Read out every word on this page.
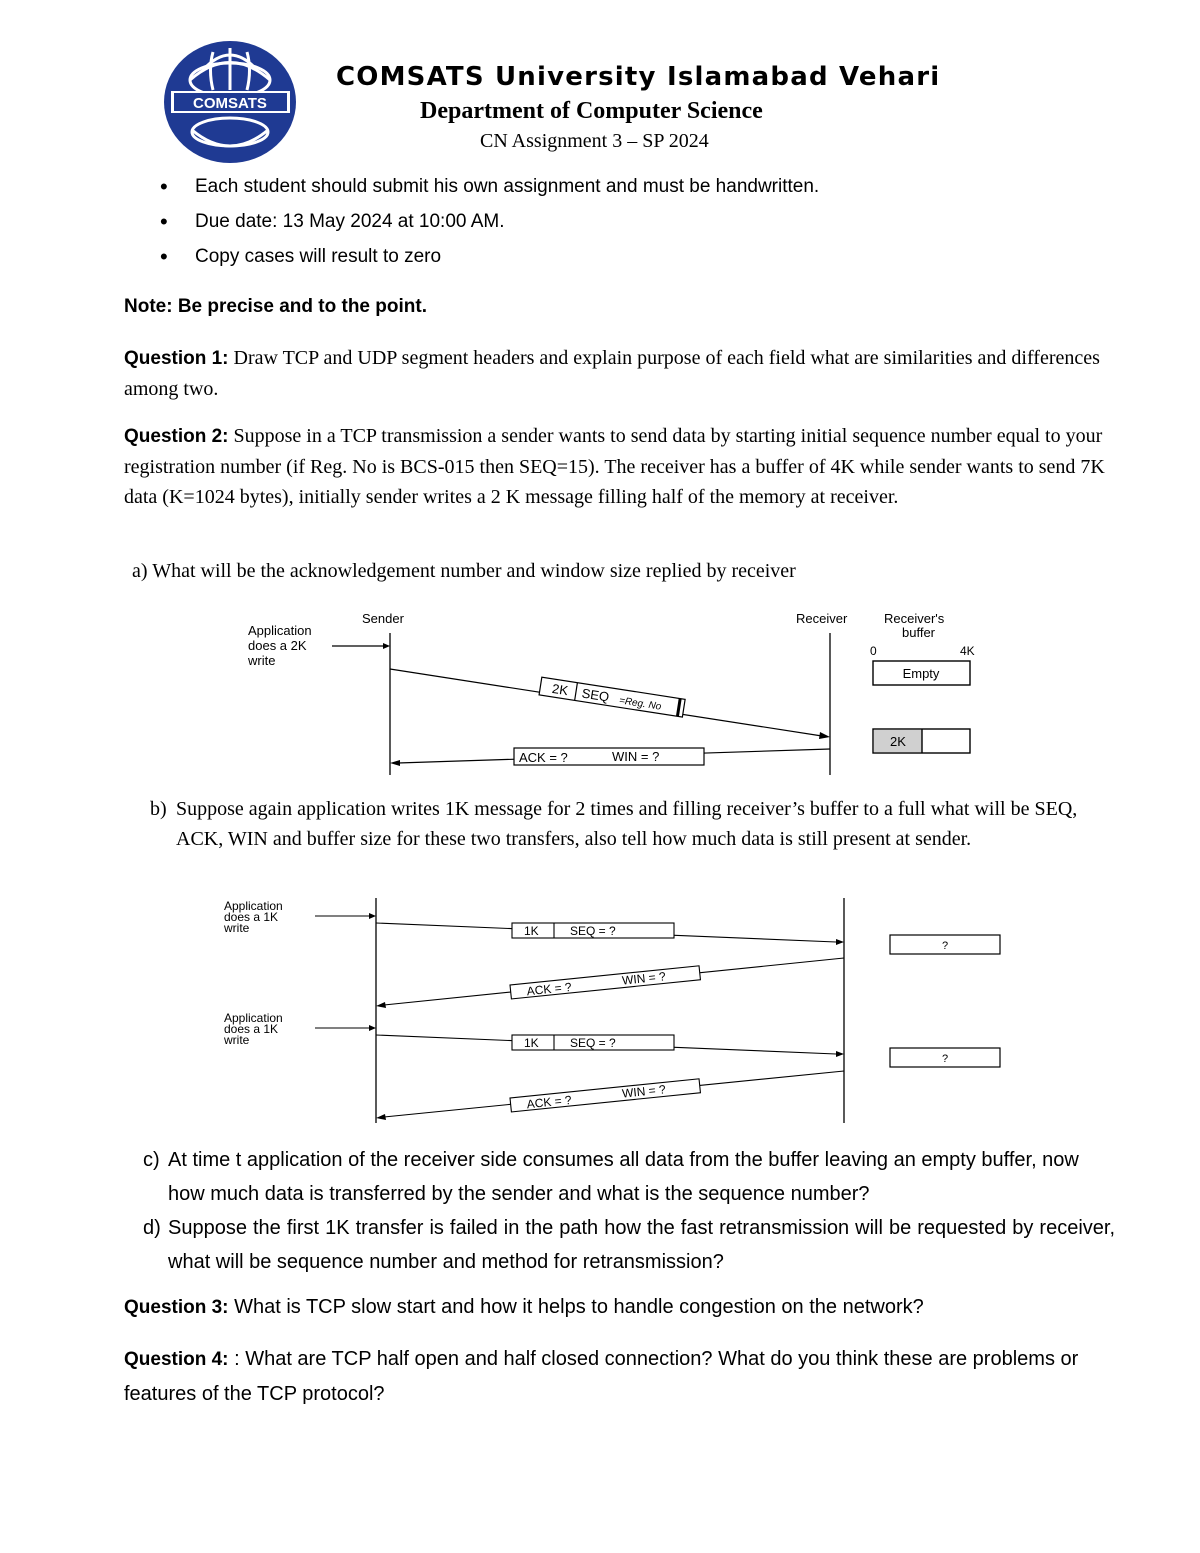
COMSATS
COMSATS University Islamabad Vehari
Department of Computer Science
CN Assignment 3 – SP 2024
• Each student should submit his own assignment and must be handwritten.
• Due date: 13 May 2024 at 10:00 AM.
• Copy cases will result to zero
Note: Be precise and to the point.
Question 1: Draw TCP and UDP segment headers and explain purpose of each field what are similarities and differences among two.
Question 2: Suppose in a TCP transmission a sender wants to send data by starting initial sequence number equal to your registration number (if Reg. No is BCS-015 then SEQ=15). The receiver has a buffer of 4K while sender wants to send 7K data (K=1024 bytes), initially sender writes a 2 K message filling half of the memory at receiver.
a) What will be the acknowledgement number and window size replied by receiver
Application
does a 2K
write
Sender	Receiver	Receiver's
buffer
0	4K
Empty
2K SEQ =Reg. No
ACK = ?	WIN = ?
2K
b) Suppose again application writes 1K message for 2 times and filling receiver’s buffer to a full what will be SEQ, ACK, WIN and buffer size for these two transfers, also tell how much data is still present at sender.
Application
does a 1K
write
Application
does a 1K
write
1K	SEQ = ?
ACK = ?
WIN = ?
?
1K	SEQ = ?
ACK = ?
WIN = ?
?
c) At time t application of the receiver side consumes all data from the buffer leaving an empty buffer, now how much data is transferred by the sender and what is the sequence number?
d) Suppose the first 1K transfer is failed in the path how the fast retransmission will be requested by receiver, what will be sequence number and method for retransmission?
Question 3: What is TCP slow start and how it helps to handle congestion on the network?
Question 4: : What are TCP half open and half closed connection? What do you think these are problems or features of the TCP protocol?
